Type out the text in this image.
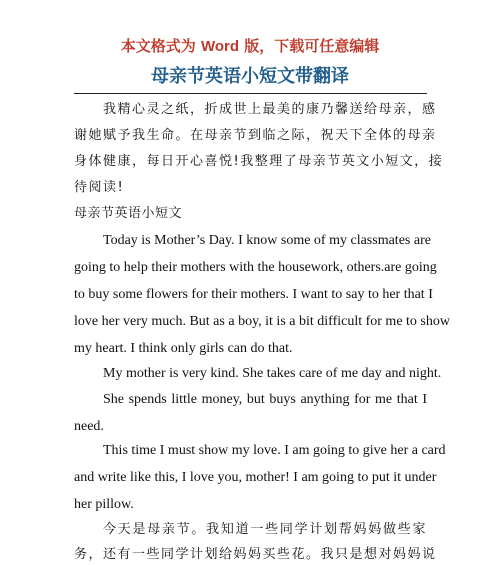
本文格式为 Word 版，下载可任意编辑
母亲节英语小短文带翻译
我精心灵之纸，折成世上最美的康乃馨送给母亲，感
谢她赋予我生命。在母亲节到临之际，祝天下全体的母亲
身体健康，每日开心喜悦!我整理了母亲节英文小短文，接
待阅读!
母亲节英语小短文
Today is Mother’s Day. I know some of my classmates are
going to help their mothers with the housework, others.are going
to buy some flowers for their mothers. I want to say to her that I
love her very much. But as a boy, it is a bit difficult for me to show
my heart. I think only girls can do that.
My mother is very kind. She takes care of me day and night.
She spends little money, but buys anything for me that I
need.
This time I must show my love. I am going to give her a card
and write like this, I love you, mother! I am going to put it under
her pillow.
今天是母亲节。我知道一些同学计划帮妈妈做些家
务，还有一些同学计划给妈妈买些花。我只是想对妈妈说
